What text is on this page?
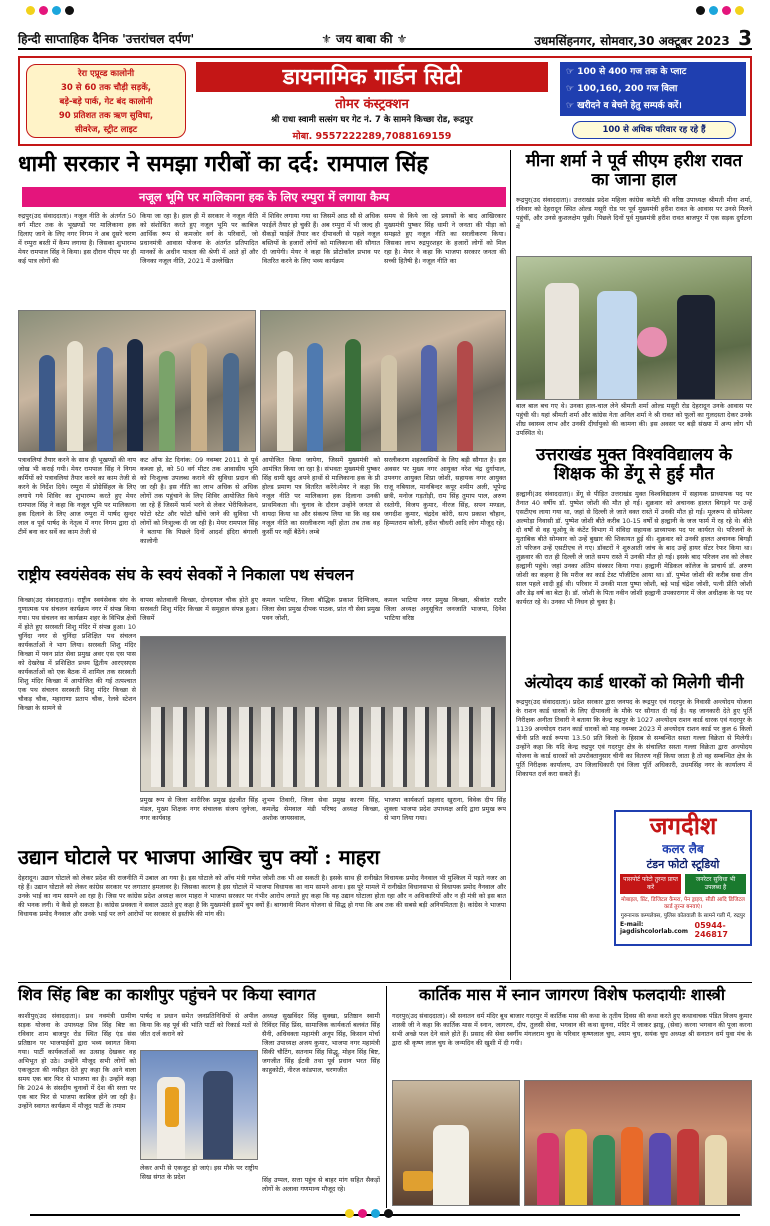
हिन्दी साप्ताहिक दैनिक 'उत्तरांचल दर्पण'	⚜ जय बाबा की ⚜	उधमसिंहनगर, सोमवार,30 अक्टूबर 2023 3
रेरा एप्रूव्ड कालोनी
30 से 60 तक चौड़ी सड़कें,
बड़े-बड़े पार्क, गेट बंद कालोनी
90 प्रतिशत तक ऋण सुविधा,
सीवरेज, स्ट्रीट लाइट
डायनामिक गार्डन सिटी
तोमर कंस्ट्रक्शन
श्री राधा स्वामी सत्संग घर गेट नं. 7 के सामने किच्छा रोड, रूद्रपुर
मोबा. 9557222289,7088169159
☞ 100 से 400 गज तक के प्लाट
☞ 100,160, 200 गज विला
☞ खरीदने व बेचने हेतु सम्पर्क करें।
100 से अधिक परिवार रह रहे हैं
धामी सरकार ने समझा गरीबों का दर्द: रामपाल सिंह
नजूल भूमि पर मालिकाना हक के लिए रम्पुरा में लगाया कैम्प
रुद्रपुर(उद संवाददाता)। नजूल नीति के अंतर्गत 50 वर्ग मीटर तक के भूखण्डों पर मालिकाना हक दिलाए जाने के लिए नगर निगम ने अब दूसरे चरण में रम्पुरा बस्ती में कैम्प लगाया है। जिसका शुभारम्भ मेयर रामपाल सिंह ने किया। इस दौरान पीएम पर ही कई पात्र लोगों की
किया जा रहा है। हाल ही में सरकार ने नजूल नीति को संशोधित करते हुए नजूल भूमि पर काबिज आर्थिक रूप से कमजोर वर्ग के परिवारों, जो प्रधानमंत्री आवास योजना के अंतर्गत प्रतिपादित मानकों के अधीन पात्रता की श्रेणी में आते हों और जिनका नजूल नीति, 2021 में उल्लेखित
में शिविर लगाया गया था जिसमें आठ सौ से अधिक फाईलें तैयार हो चुकी हैं। अब रम्पुरा में भी जल्द ही सैकड़ों फाईलें तैयार कर दीपावली से पहले नजूल बस्तियों के हजारों लोगों को मालिकाना की सौगात दी जायेगी। मेयर ने कहा कि प्रोटोकॉल प्रभाव पर वितरित करने के लिए भव्य कार्यक्रम
समय से किये जा रहे प्रयासों के बाद आखिरकार मुख्यमंत्री पुष्कर सिंह धामी ने जनता की पीड़ा को समझते हुए नजूल नीति का सरलीकरण किया। जिसका लाभ रुद्रपुरशहर के हजारों लोगों को मिल रहा है। मेयर ने कहा कि भाजपा सरकार जनता की सच्ची हितैषी है। नजूल नीति का
पत्रावलियां तैयार करने के साथ ही भूखण्डों की नाप जोख भी कराई गयी। मेयर रामपाल सिंह ने निगम कर्मियों को पत्रावलियां तैयार करने का काम तेजी से करने के निर्देश दिये। रम्पुरा में प्रोग्रेसिंहल के लिए लगाये गये शिविर का शुभारम्भ करते हुए मेयर रामपाल सिंह ने कहा कि नजूल भूमि पर मालिकाना हक दिलाने के लिए आज रम्पुरा में पार्षद सुन्दर लाल व पूर्व पार्षद के नेतृत्व में नगर निगम द्वारा दो टीमें बना कर सर्वे का काम तेजी से
कट ऑफ डेट दिनांक: 09 नवम्बर 2011 से पूर्व कब्जा हो, को 50 वर्ग मीटर तक आवासीय भूमि को निःशुल्क उपलब्ध कराने की सुविधा प्रदान की जा रही है। इस नीति का लाभ अधिक से अधिक लोगों तक पहुंचाने के लिए शिविर आयोजित किये जा रहे हैं जिसमें फार्म भरने से लेकर भेरीफिकेशन, फोटो स्टेट और फोटो खींचे जाने की सुविधा भी लोगों को निःशुल्क दी जा रही है। मेयर रामपाल सिंह ने बताया कि पिछले दिनों आदर्श इंदिरा बंगाली कालोनी
आयोजित किया जायेगा, जिसमें मुख्यमंत्री को आमंत्रित किया जा रहा है। संभवतः मुख्यमंत्री पुष्कर सिंह धामी खुद अपने हाथों से मालिकाना हक के प्री होल्ड प्रमाण पत्र वितरित करेंगे।मेयर ने कहा कि नजूल नीति पर मालिकाना हक दिलाना उनकी प्राथमिकता थी। चुनाव के दौरान उन्होंने जनता से वायदा किया था और संकल्प लिया था कि वह सब नजूल नीति का सरलीकरण नहीं होता तब तक वह कुर्सी पर नहीं बैठेंगे। लम्बे
सरलीकरण शहरवासियों के लिए बड़ी सौगात है। इस अवसर पर मुख्य नगर आयुक्त नरेश चंद्र दुर्गापाल, उपनगर आयुक्त शिप्रा जोशी, सहायक नगर आयुक्त राजू नबियाल, मानबिन्दर कपूर शमीम अली, भूपेन्द्र छत्री, मनोज गड़तोड़ी, राम सिंह तुमाप पाल, अरुण रस्तोगी, विजय कुमार, नीरज सिंह, सपन मण्डल, जगदीश कुमार, चंद्रदेव कोरी, सत्य प्रकाश चौहान, हिम्मतराम कोली, हरीश चौधरी आदि लोग मौजूद रहे।
मीना शर्मा ने पूर्व सीएम हरीश रावत का जाना हाल
रूद्रपुर(उद संवाददाता)। उत्तराखंड प्रदेश महिला कांग्रेस कमेटी की वरिष्ठ उपाध्यक्ष श्रीमती मीना शर्मा, रविवार को देहरादून स्थित ओल्ड मसूरी रोड पर पूर्व मुख्यमंत्री हरीश रावत के आवास पर उनसे मिलने पहुंचीं, और उनसे कुशलक्षेम पूछी। पिछले दिनों पूर्व मुख्यमंत्री हरीश रावत बाजपुर में एक सड़क दुर्घटना में
बाल बाल बच गए थे। उनका हाल-चाल लेने श्रीमती शर्मा ओल्ड मसूरी रोड देहरादून उनके आवास पर पहुंची थी। यहां श्रीमती शर्मा और कांग्रेस नेता अनिल शर्मा ने श्री रावत को फूलों का गुलदस्ता देकर उनके शीघ्र स्वास्थ्य लाभ और उनकी दीर्घायुको की कामना की। इस अवसर पर बड़ी संख्या में अन्य लोग भी उपस्थित थे।
उत्तराखंड मुक्त विश्वविद्यालय के शिक्षक की डेंगू से हुई मौत
हल्द्वानी(उद संवाददाता)। डेंगू से पीड़ित उत्तराखंड मुक्त विश्वविद्यालय में सहायक प्राध्यापक पद पर तैनात 40 वर्षीय डॉ. पुष्पेश जोशी की मौत हो गई। शुक्रवार को अचानक हालत बिगड़ने पर उन्हें एसटीएच लाया गया था, जहां से दिल्ली ले जाते वक्त रास्ते में उनकी मौत हो गई। मूलरूप से सोमेश्वर अल्मोड़ा निवासी डॉ. पुष्पेश जोशी बीते करीब 10-15 वर्षों से हल्द्वानी के जज फार्म में रह रहे थे। बीते दो वर्षों से वह यूओयू के कंटेंट विभाग में संविदा सहायक प्राध्यापक पद पर कार्यरत थे। परिजनों के मुताबिक बीते सोमवार को उन्हें बुखार की शिकायत हुई थी। शुक्रवार को उनकी हालत अचानक बिगड़ी तो परिजन उन्हें एसटीएच ले गए। डॉक्टरों ने शुरुआती जांच के बाद उन्हें हायर सेंटर रेफर किया था। शुक्रवार की रात ही दिल्ली ले जाते समय रास्ते में उनकी मौत हो गई। इसके बाद परिजन शव को लेकर हल्द्वानी पहुंचे। जहां उनका अंतिम संस्कार किया गया। हल्द्वानी मेडिकल कॉलेज के प्राचार्य डॉ. अरुण जोशी का कहना है कि मरीज का कार्ड टेस्ट पॉजीटिव आया था। डॉ. पुष्पेश जोशी की करीब सवा तीन साल पहले शादी हुई थी। परिवार में उनकी माता पुष्पा जोशी, बड़े भाई चंद्रेश जोशी, पत्नी प्रीति जोशी और डेढ़ वर्ष का बेटा है। डॉ. जोशी के पिता नवीन जोशी हल्द्वानी उपकारागार में जेल अधीक्षक के पद पर कार्यरत रहे थे। उनका भी निधन हो चुका है।
राष्ट्रीय स्वयंसेवक संघ के स्वयं सेवकों ने निकाला पथ संचलन
किच्छा(उद संवाददाता)। राष्ट्रीय स्वयंसेवक संघ के गुणात्मक पथ संचलन कार्यक्रम नगर में संपन्न किया गया। पथ संचलन का कार्यक्रम शहर के विभिन्न क्षेत्रों में होते हुए सरस्वती शिशु मंदिर में संपन्न हुआ। 10 चुनिंदा नगर से चुनिंदा प्रशिक्षित पथ संचलन कार्यकर्ताओं ने भाग लिया। सरस्वती शिशु मंदिर किच्छा में पवन प्रांत सेवा प्रमुख अवर एस एस पास को देखरेख में प्रशिक्षित प्रथम द्वितीय आरएसएस कार्यकर्ताओं को एक बैठक में शामिल तक सरस्वती शिशु मंदिर किच्छा में आयोजित की गई तत्पश्चात एक पथ संचलन सरस्वती शिशु मंदिर किच्छा से चौकड़ चौक, महाराणा प्रताप चौक, रेलवे स्टेशन किच्छा के सामने से
वापस कोतवाली किच्छा, दोनदयाल चौक होते हुए सरस्वती शिशु मंदिर किच्छा में समूहाल संपन्न हुआ। जिसमें
कमल भाटिया, जिला बौद्धिक प्रकाश दिग्विजय, जिला सेवा प्रमुख दीपक पाठक, प्रांत गौ सेवा प्रमुख पवन जोशी,
कमल भाटिया नगर प्रमुख किच्छा, श्रीकांत राठौर जिला अध्यक्ष अनुसूचित जनजाति भाजपा, दिनेश भाटिया वरिष्ठ
प्रमुख रूप से जिला शारीरिक प्रमुख इंद्रजीत सिंह मंडल, मुख्य शिक्षक नगर संचालक संजय जुनेजा, नगर कार्यवाह
शुभम तिवारी, जिला सेवा प्रमुख कारण सिंह, कमलेंद्र सेमवाल मंडी परिषद अध्यक्ष किच्छा, अशोक जायसवाल,
भाजपा कार्यकर्ता प्रहलाद खुराना, विवेक दीप सिंह शुक्ला भाजपा प्रदेश उपाध्यक्ष आदि द्वारा प्रमुख रूप से भाग लिया गया।
अंत्योदय कार्ड धारकों को मिलेगी चीनी
रूद्रपुर(उद संवाददाता)। प्रदेश सरकार द्वारा जनपद के रूद्रपुर एवं गदरपुर के निवासी अन्त्योदय योजना के राशन कार्ड धारकों के लिए दीपावली के मौके पर सौगात दी गई है। यह जानकारी देते हुए पूर्ति निरीक्षक अनीता तिवारी ने बताया कि केन्द्र रुद्रपुर के 1027 अन्त्योदय राशन कार्ड धारक एवं गदरपुर के 1139 अन्त्योदय राशन कार्ड धारकों को माह नवम्बर 2023 में अन्त्योदय राशन कार्ड पर कुल 6 किलो चीनी प्रति कार्ड रूपया 13.50 प्रति किलो के हिसाब से सम्बन्धित सस्ता गल्ला विक्रेता से मिलेगी। उन्होंने कहा कि यदि केन्द्र रुद्रपुर एवं गदरपुर क्षेत्र के संचालित सस्ता गल्ला विक्रेता द्वारा अन्त्योदय योजना के कार्ड धारकों को उपरोक्तानुसार चीनी का वितरण नहीं किया जाता है तो वह सम्बन्धित क्षेत्र के पूर्ति निरीक्षक कार्यालय, उप जिलाधिकारी एवं जिला पूर्ति अधिकारी, उधमसिंह नगर के कार्यालय में शिकायत दर्ज करा सकते हैं।
जगदीश
कलर लैब
टंडन फोटो स्टूडियो
पासपोर्ट फोटो तुरन्त प्राप्त करें
जनरेटर सुविधा भी उपलब्ध है
मोबाइल, प्रिंट, डिजिटल कैमरा, पेन ड्राइव, सीडी आदि डिजिटल कार्ड तुरन्त बनवाएं।
गुरुनानक कम्पलेक्स, पुलिस कोतवाली के सामने गली में, रुद्रपुर
E-mail: jagdishcolorlab.com
05944-246817
उद्यान घोटाले पर भाजपा आखिर चुप क्यों : माहरा
देहरादून। उद्यान घोटाले को लेकर प्रदेश की राजनीति में उबाल आ गया है। इस घोटाले को आँच मंत्री गणेश जोशी तक भी आ सकती है। इसके साथ ही रानीखेत विधायक प्रमोद नैनवाल भी मुश्किल में पड़ते नजर आ रहे हैं। उद्यान घोटाले को लेकर कांग्रेस सरकार पर लगातार हमलावर है। जिसका कारण है इस घोटाले में भाजपा विधायक का नाम सामने आना। इस पूरे मामले में रानीखेत विधानसभा से विधायक प्रमोद नैनवाल और उनके भाई का नाम सामने आ रहा है। जिस पर कांग्रेस प्रदेश अध्यक्ष करन माहरा ने भाजपा सरकार पर गंभीर आरोप लगाते हुए कहा कि यह उद्यान घोटाला होता रहा और न अधिकारियों और न ही मंत्री को इस बात की भनक लगी। ये कैसे हो सकता है। कांग्रेस प्रवक्ता ने सवाल उठाते हुए कहा है कि मुख्यमंत्री इसमें चुप क्यों हैं। बागवानी मिशन योजना से सिद्ध हो गया कि अब तक की सबसे बड़ी अनियमितता है। कांग्रेस ने भाजपा विधायक प्रमोद नैनवाल और उनके भाई पर लगे आरोपों पर सरकार से इस्तीफे की मांग की।
शिव सिंह बिष्ट का काशीपुर पहुंचने पर किया स्वागत
काशीपुर(उद संवाददाता)। प्रथ नवमंत्री ग्रामीण सड़क योजना के उपाध्यक्ष शिव सिंह बिष्ट का रविवार शाम बाजपुर रोड स्थित सिंह एंड संस प्रतिष्ठान पर भाजपाईयों द्वारा भव्य स्वागत किया गया। पार्टी कार्यकर्ताओं का उत्साह देखकर वह अभिभूत हो उठे। उन्होंने मौजूद सभी लोगों को एकजुटता की नसीहत देते हुए कहा कि आने वाला समय एक बार फिर से भाजपा का है। उन्होंने कहा कि 2024 के संसदीय चुनावों में देश की सत्ता पर एक बार फिर से भाजपा काबिज होने जा रही है। उन्होंने स्वागत कार्यक्रम में मौजूद पार्टी के तमाम
पार्षद व प्रधान समेत जनप्रतिनिधियों से अपील किया कि वह पूर्व की भांति पार्टी को रिकार्ड मतों से जीत दर्ज कराने को
अध्यक्ष सुखविंदर सिंह सुक्खा, प्रतिष्ठान स्वामी रिविंदर सिंह प्रिंस, सामाजिक कार्यकर्ता बलवंत सिंह सैनी, अधिवक्ता महामंत्री अनूप सिंह, किसान मोर्चा जिला उपाध्यक्ष अजय कुमार, भाजपा नगर महामंत्री सिकी चौटिंग, सतनाम सिंह सिद्धू, मोहन सिंह बिष्ट, जगजीत सिंह ईटवी तथा पूर्व प्रधान भरत सिंह काहुकोटी, नीरज कांडपाल, चरणजीत
लेकर अभी से एकजुट हो जाएं। इस मौके पर राष्ट्रीय सिख संगत के प्रदेश	सिंह उप्पल, सत्ता पहुंच से बाहर मांग सहित सैकड़ों लोगों के अलावा गणमान्य मौजूद रहे।
कार्तिक मास में स्नान जागरण विशेष फलदायीः शास्त्री
गदरपुर(उद संवाददाता)। श्री सनातन धर्म मंदिर बूथ बाजार गदरपुर में कार्तिक मास की कथा के तृतीय दिवस की कथा करते हुए कथावाचक पंडित विजय कुमार शास्त्री जी ने कहा कि कार्तिक मास में स्नान, जागरण, दीप, तुलसी सेवा, भगवान की कथा सुनना, मंदिर में जाकर झाडू, (सेवा) करना भगवान की पूजा करना सभी अच्छे फल देने वाले होते हैं। प्रसाद की सेवा स्वर्गीय मंगलराम चुघ के परिवार कृष्णलाल चुघ, श्याम चुघ, सयंक चुघ अध्यक्ष श्री सनातन धर्म युवा मंच के द्वारा श्री कृष्ण लाल चुघ के जन्मदिन की खुशी में दी गयी।
